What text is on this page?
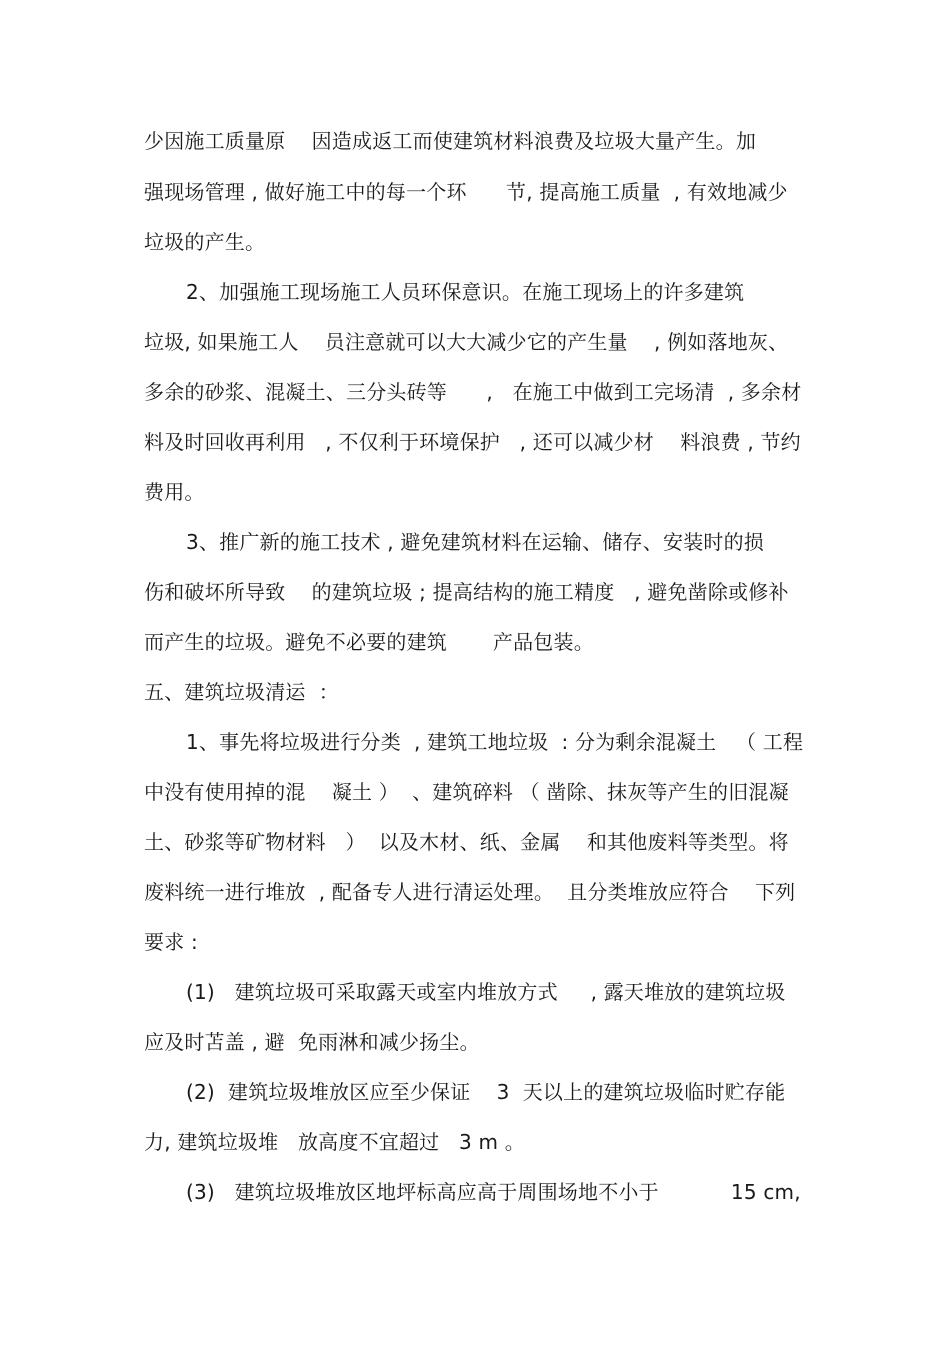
少因施工质量原    因造成返工而使建筑材料浪费及垃圾大量产生。加
强现场管理 , 做好施工中的每一个环      节, 提高施工质量  , 有效地减少
垃圾的产生。
2、加强施工现场施工人员环保意识。在施工现场上的许多建筑
垃圾, 如果施工人    员注意就可以大大减少它的产生量    , 例如落地灰、
多余的砂浆、混凝土、三分头砖等      ,   在施工中做到工完场清  , 多余材
料及时回收再利用   , 不仅利于环境保护   , 还可以减少材    料浪费 , 节约
费用。
3、推广新的施工技术 , 避免建筑材料在运输、储存、安装时的损
伤和破坏所导致    的建筑垃圾 ; 提高结构的施工精度   , 避免凿除或修补
而产生的垃圾。避免不必要的建筑       产品包装。
五、建筑垃圾清运  ：
1、事先将垃圾进行分类  , 建筑工地垃圾  : 分为剩余混凝土   （ 工程
中没有使用掉的混    凝土 ）  、建筑碎料 （ 凿除、抹灰等产生的旧混凝
土、砂浆等矿物材料   ）  以及木材、纸、金属    和其他废料等类型。将
废料统一进行堆放  , 配备专人进行清运处理。  且分类堆放应符合    下列
要求 :
(1)   建筑垃圾可采取露天或室内堆放方式     , 露天堆放的建筑垃圾
应及时苫盖 , 避  免雨淋和减少扬尘。
(2)  建筑垃圾堆放区应至少保证    3  天以上的建筑垃圾临时贮存能
力, 建筑垃圾堆   放高度不宜超过   3 m 。
(3)   建筑垃圾堆放区地坪标高应高于周围场地不小于           15 cm,
